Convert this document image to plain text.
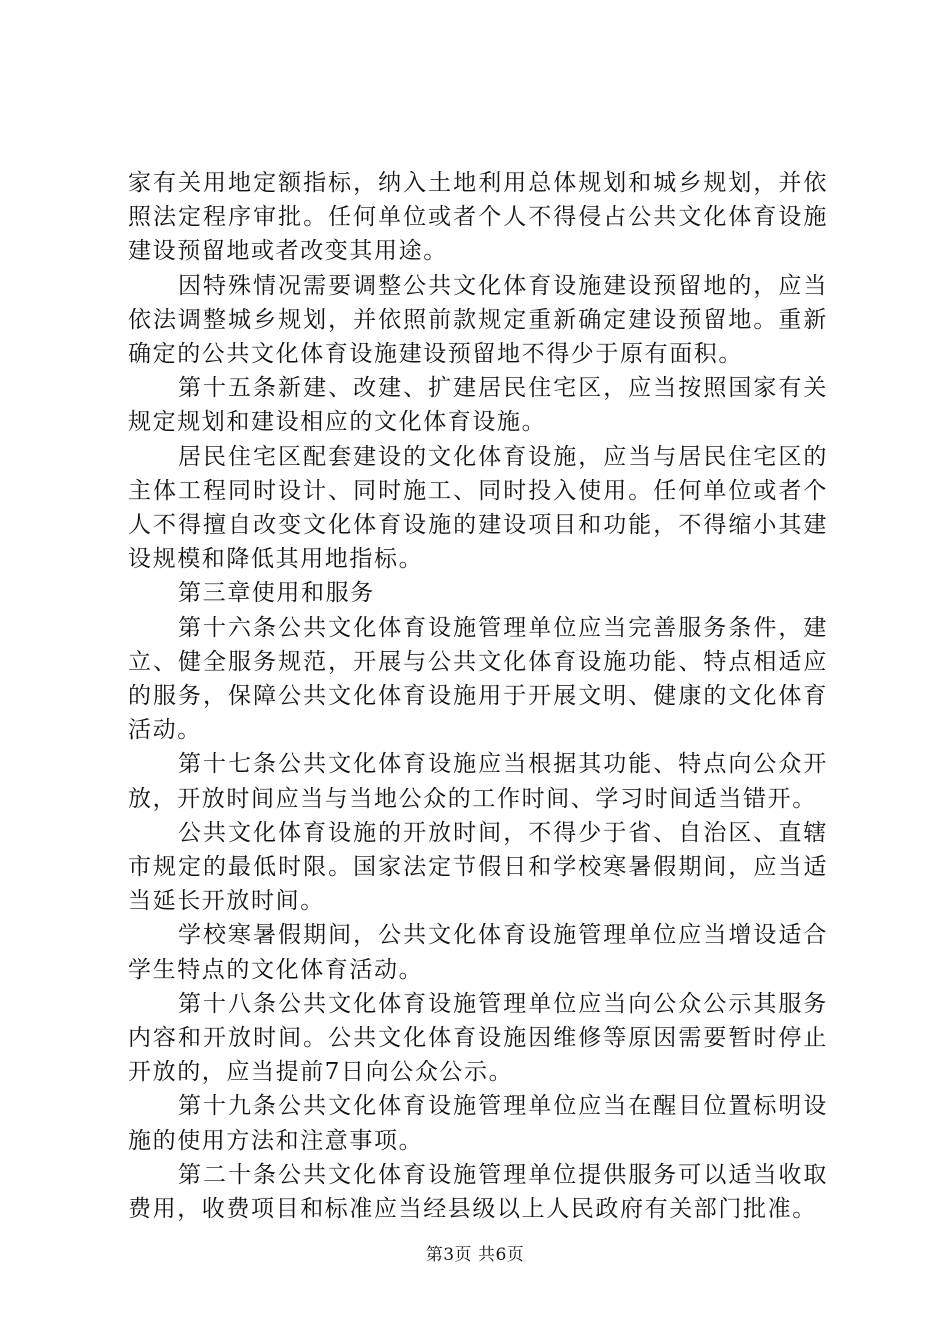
家有关用地定额指标，纳入土地利用总体规划和城乡规划，并依照法定程序审批。任何单位或者个人不得侵占公共文化体育设施建设预留地或者改变其用途。

因特殊情况需要调整公共文化体育设施建设预留地的，应当依法调整城乡规划，并依照前款规定重新确定建设预留地。重新确定的公共文化体育设施建设预留地不得少于原有面积。

第十五条新建、改建、扩建居民住宅区，应当按照国家有关规定规划和建设相应的文化体育设施。

居民住宅区配套建设的文化体育设施，应当与居民住宅区的主体工程同时设计、同时施工、同时投入使用。任何单位或者个人不得擅自改变文化体育设施的建设项目和功能，不得缩小其建设规模和降低其用地指标。

第三章使用和服务

第十六条公共文化体育设施管理单位应当完善服务条件，建立、健全服务规范，开展与公共文化体育设施功能、特点相适应的服务，保障公共文化体育设施用于开展文明、健康的文化体育活动。

第十七条公共文化体育设施应当根据其功能、特点向公众开放，开放时间应当与当地公众的工作时间、学习时间适当错开。

公共文化体育设施的开放时间，不得少于省、自治区、直辖市规定的最低时限。国家法定节假日和学校寒暑假期间，应当适当延长开放时间。

学校寒暑假期间，公共文化体育设施管理单位应当增设适合学生特点的文化体育活动。

第十八条公共文化体育设施管理单位应当向公众公示其服务内容和开放时间。公共文化体育设施因维修等原因需要暂时停止开放的，应当提前7日向公众公示。

第十九条公共文化体育设施管理单位应当在醒目位置标明设施的使用方法和注意事项。

第二十条公共文化体育设施管理单位提供服务可以适当收取费用，收费项目和标准应当经县级以上人民政府有关部门批准。

第3页 共6页
